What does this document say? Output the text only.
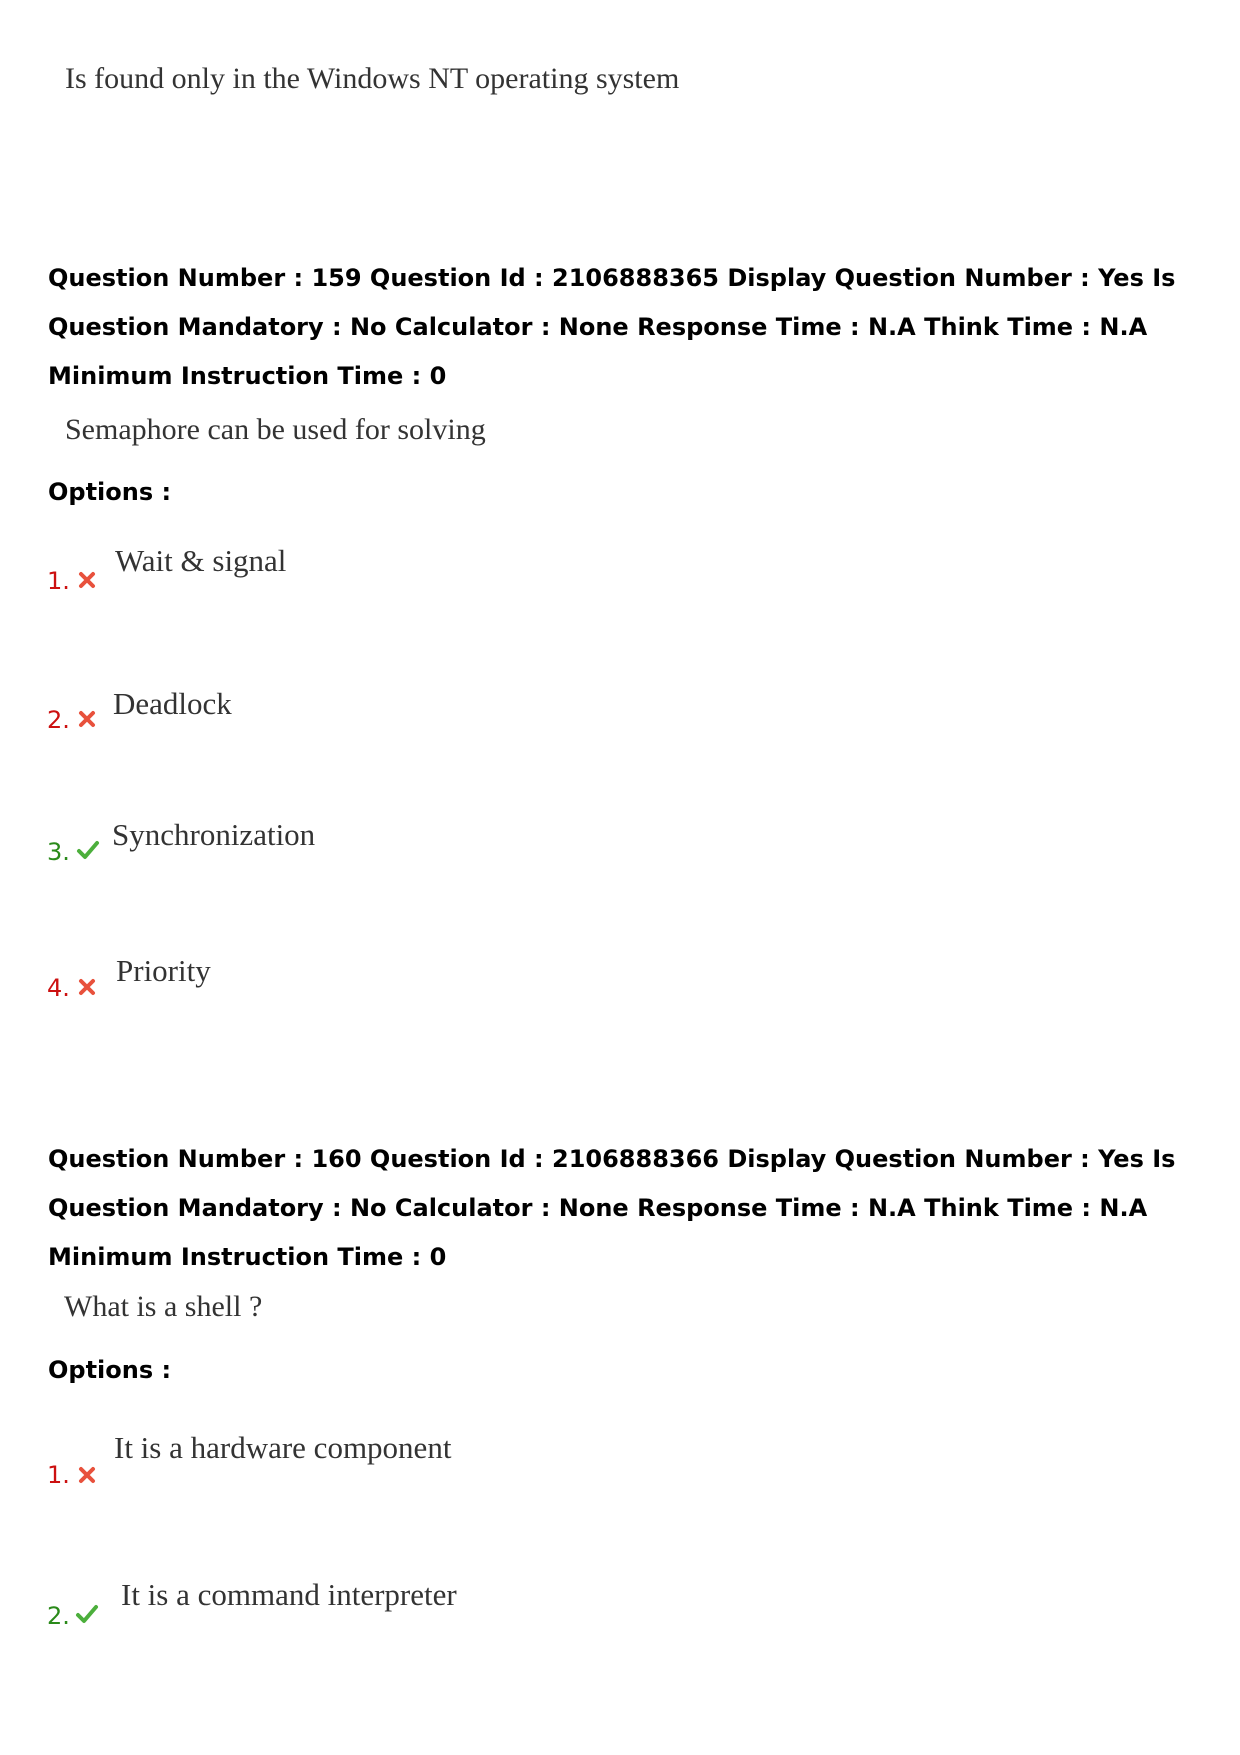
Is found only in the Windows NT operating system

Question Number : 159 Question Id : 2106888365 Display Question Number : Yes Is Question Mandatory : No Calculator : None Response Time : N.A Think Time : N.A Minimum Instruction Time : 0

Semaphore can be used for solving
Options :
1.
Wait & signal
2. Deadlock
3. Synchronization
4. Priority

Question Number : 160 Question Id : 2106888366 Display Question Number : Yes Is Question Mandatory : No Calculator : None Response Time : N.A Think Time : N.A Minimum Instruction Time : 0

What is a shell ?
Options :
1.
It is a hardware component
2.
It is a command interpreter
